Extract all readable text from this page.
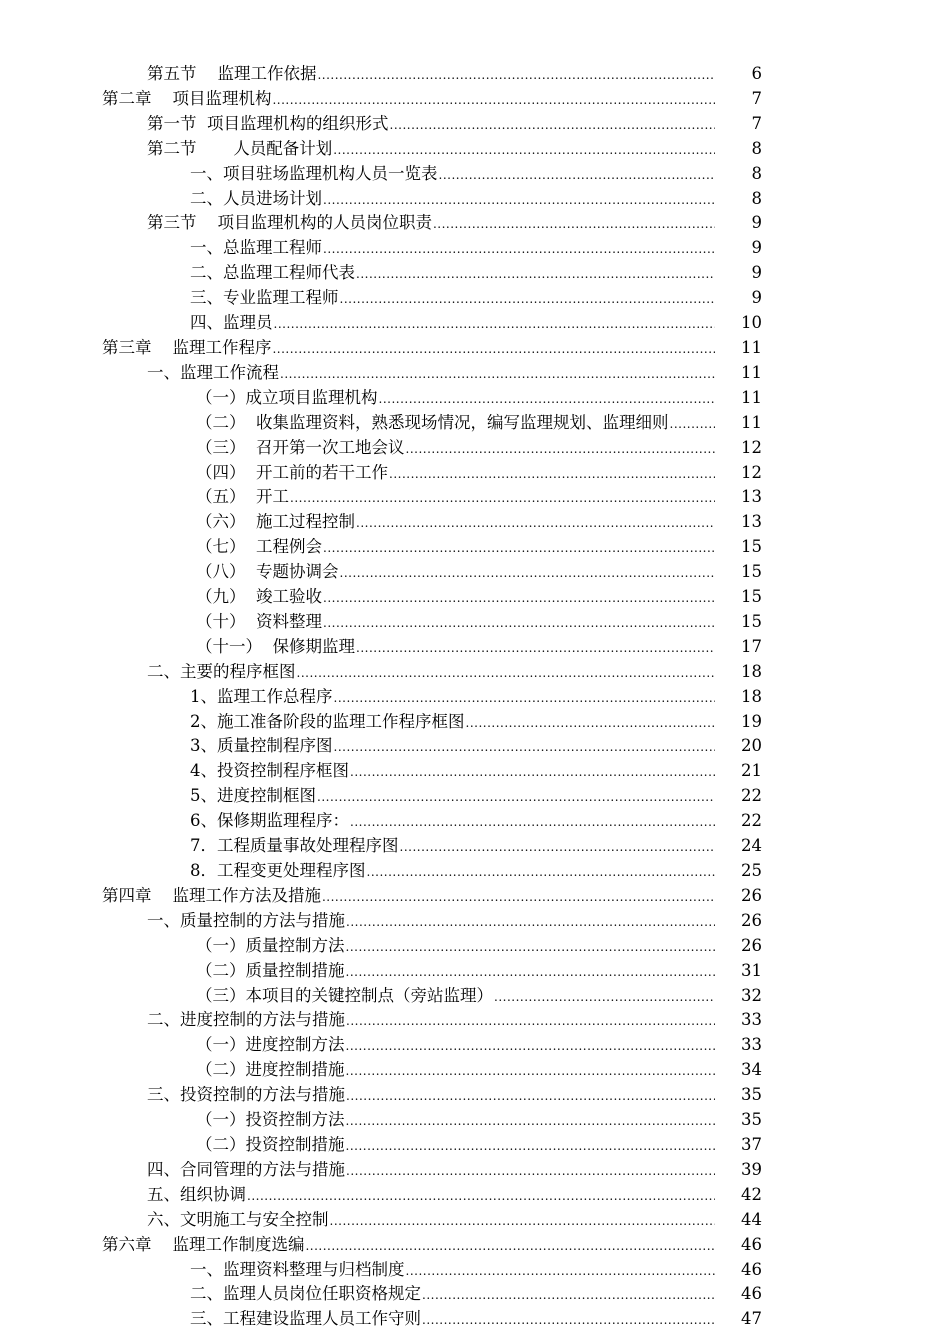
第五节    监理工作依据 .....	6
第二章    项目监理机构 .....	7
第一节  项目监理机构的组织形式 .....	7
第二节       人员配备计划 .....	8
一、项目驻场监理机构人员一览表 .....	8
二、人员进场计划 .....	8
第三节    项目监理机构的人员岗位职责 .....	9
一、总监理工程师 .....	9
二、总监理工程师代表 .....	9
三、专业监理工程师 .....	9
四、监理员 .....	10
第三章    监理工作程序 .....	11
一、监理工作流程 .....	11
（一）成立项目监理机构 .....	11
（二）  收集监理资料，熟悉现场情况，编写监理规划、监理细则 .....	11
（三）  召开第一次工地会议 .....	12
（四）  开工前的若干工作 .....	12
（五）  开工 .....	13
（六）  施工过程控制 .....	13
（七）  工程例会 .....	15
（八）  专题协调会 .....	15
（九）  竣工验收 .....	15
（十）  资料整理 .....	15
（十一）  保修期监理 .....	17
二、主要的程序框图 .....	18
1、监理工作总程序 .....	18
2、施工准备阶段的监理工作程序框图 .....	19
3、质量控制程序图 .....	20
4、投资控制程序框图 .....	21
5、进度控制框图 .....	22
6、保修期监理程序： .....	22
7．工程质量事故处理程序图 .....	24
8．工程变更处理程序图 .....	25
第四章    监理工作方法及措施 .....	26
一、质量控制的方法与措施 .....	26
（一）质量控制方法 .....	26
（二）质量控制措施 .....	31
（三）本项目的关键控制点（旁站监理） .....	32
二、进度控制的方法与措施 .....	33
（一）进度控制方法 .....	33
（二）进度控制措施 .....	34
三、投资控制的方法与措施 .....	35
（一）投资控制方法 .....	35
（二）投资控制措施 .....	37
四、合同管理的方法与措施 .....	39
五、组织协调 .....	42
六、文明施工与安全控制 .....	44
第六章    监理工作制度选编 .....	46
一、监理资料整理与归档制度 .....	46
二、监理人员岗位任职资格规定 .....	46
三、工程建设监理人员工作守则 .....	47
